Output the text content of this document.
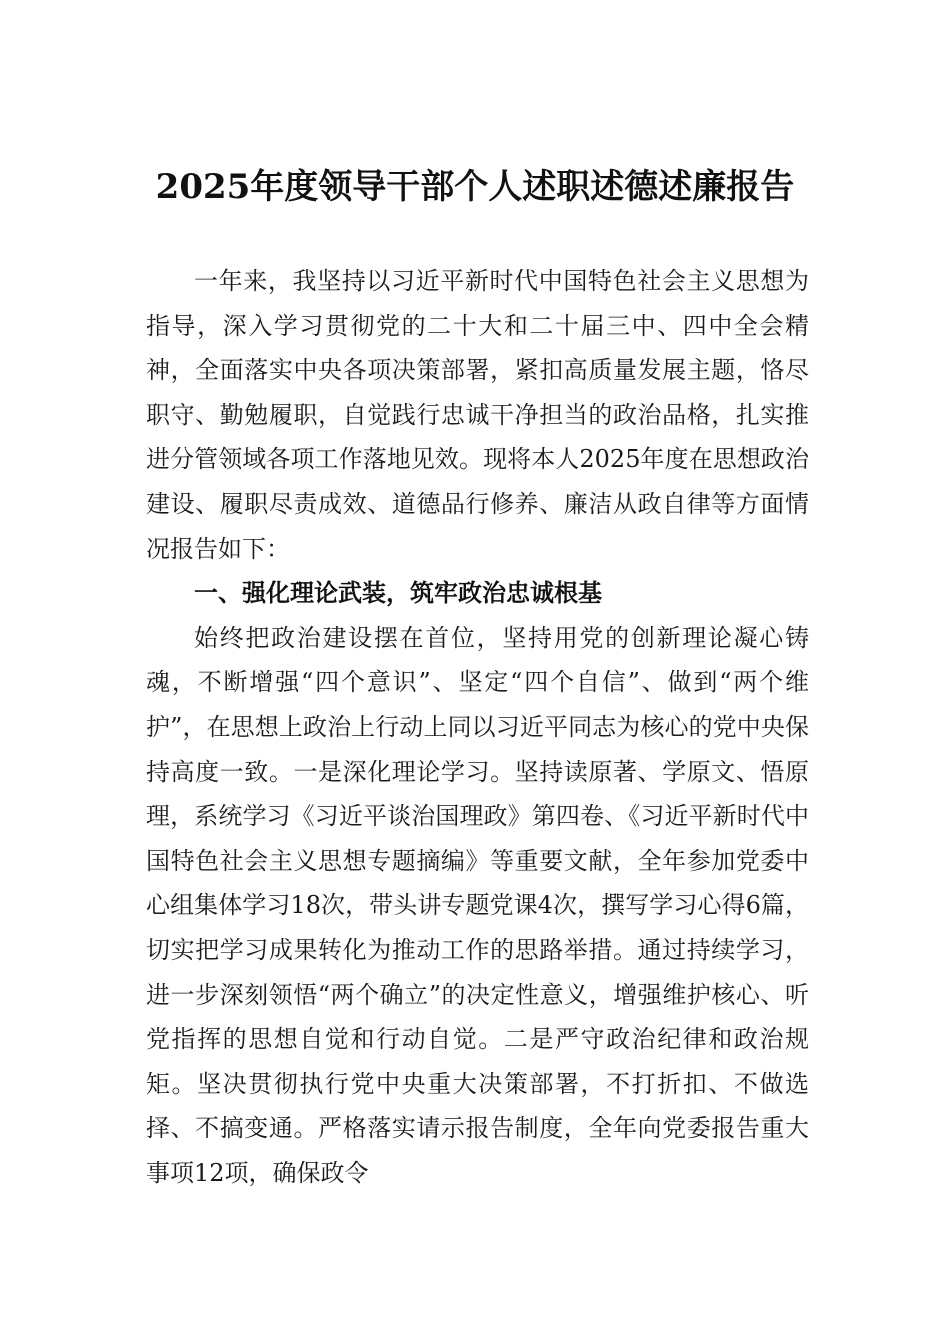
2025年度领导干部个人述职述德述廉报告

一年来，我坚持以习近平新时代中国特色社会主义思想为指导，深入学习贯彻党的二十大和二十届三中、四中全会精神，全面落实中央各项决策部署，紧扣高质量发展主题，恪尽职守、勤勉履职，自觉践行忠诚干净担当的政治品格，扎实推进分管领域各项工作落地见效。现将本人2025年度在思想政治建设、履职尽责成效、道德品行修养、廉洁从政自律等方面情况报告如下：

一、强化理论武装，筑牢政治忠诚根基

始终把政治建设摆在首位，坚持用党的创新理论凝心铸魂，不断增强“四个意识”、坚定“四个自信”、做到“两个维护”，在思想上政治上行动上同以习近平同志为核心的党中央保持高度一致。一是深化理论学习。坚持读原著、学原文、悟原理，系统学习《习近平谈治国理政》第四卷、《习近平新时代中国特色社会主义思想专题摘编》等重要文献，全年参加党委中心组集体学习18次，带头讲专题党课4次，撰写学习心得6篇，切实把学习成果转化为推动工作的思路举措。通过持续学习，进一步深刻领悟“两个确立”的决定性意义，增强维护核心、听党指挥的思想自觉和行动自觉。二是严守政治纪律和政治规矩。坚决贯彻执行党中央重大决策部署，不打折扣、不做选择、不搞变通。严格落实请示报告制度，全年向党委报告重大事项12项，确保政令
